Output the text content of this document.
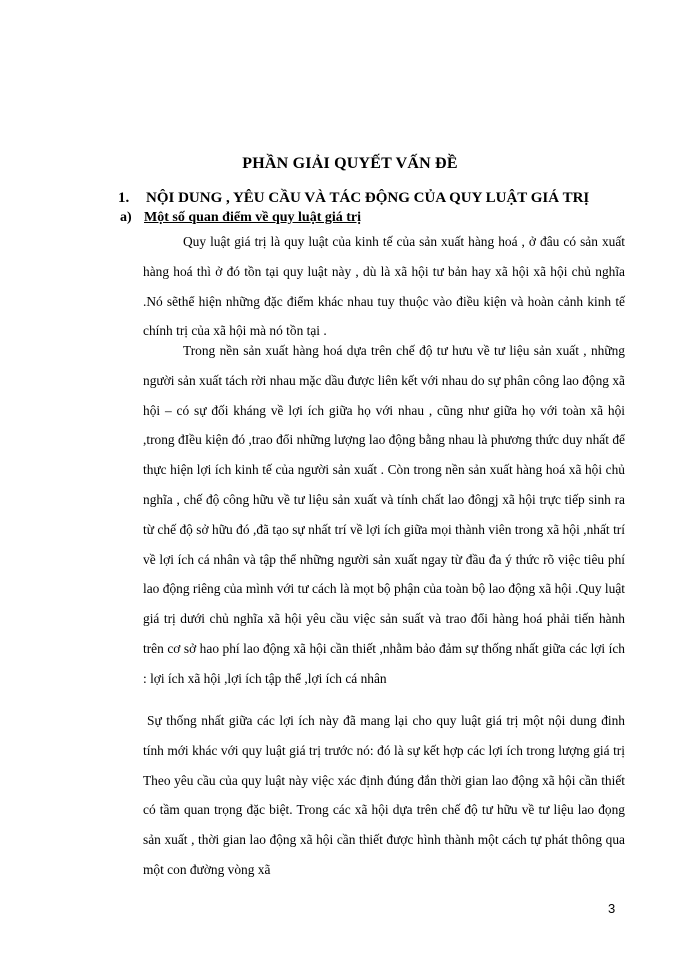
PHẦN GIẢI QUYẾT VẤN ĐỀ
1. NỘI DUNG , YÊU CẦU VÀ TÁC ĐỘNG CỦA QUY LUẬT GIÁ TRỊ
a) Một số quan điểm về quy luật giá trị

Quy luật giá trị là quy luật của kinh tế của sản xuất hàng hoá , ở đâu có sản xuất hàng hoá thì ở đó tồn tại quy luật này , dù là xã hội tư bản hay xã hội xã hội chủ nghĩa .Nó sẽthể hiện những đặc điểm khác nhau tuy thuộc vào điều kiện và hoàn cảnh kinh tế chính trị của xã hội mà nó tồn tại .

Trong nền sản xuất hàng hoá dựa trên chế độ tư hưu về tư liệu sản xuất , những người sản xuất tách rời nhau mặc dầu được liên kết với nhau do sự phân công lao động xã hội – có sự đối kháng về lợi ích giữa họ với nhau , cũng như giữa họ với toàn xã hội ,trong đIều kiện đó ,trao đổi những lượng lao động bằng nhau là phương thức duy nhất để thực hiện lợi ích kinh tế của người sản xuất . Còn trong nền sản xuất hàng hoá xã hội chủ nghĩa , chế độ công hữu về tư liệu sản xuất và tính chất lao đôngj xã hội trực tiếp sinh ra từ chế độ sở hữu đó ,đã tạo sự nhất trí về lợi ích giữa mọi thành viên trong xã hội ,nhất trí về lợi ích cá nhân và tập thể những người sản xuất ngay từ đầu đa ý thức rõ việc tiêu phí lao động riêng của mình với tư cách là mọt bộ phận của toàn bộ lao động xã hội .Quy luật giá trị dưới chủ nghĩa xã hội yêu cầu việc sản suất và trao đổi hàng hoá phải tiến hành trên cơ sở hao phí lao động xã hội cần thiết ,nhằm bảo đảm sự thống nhất giữa các lợi ích : lợi ích xã hội ,lợi ích tập thể ,lợi ích cá nhân

Sự thống nhất giữa các lợi ích này đã mang lại cho quy luật giá trị một nội dung đinh tính mới khác với quy luật giá trị trước nó: đó là sự kết hợp các lợi ích trong lượng giá trị Theo yêu cầu của quy luật này việc xác định đúng đắn thời gian lao động xã hội cần thiết có tầm quan trọng đặc biệt. Trong các xã hội dựa trên chế độ tư hữu về tư liệu lao đọng sản xuất , thời gian lao động xã hội cần thiết được hình thành một cách tự phát thông qua một con đường vòng xã

3
